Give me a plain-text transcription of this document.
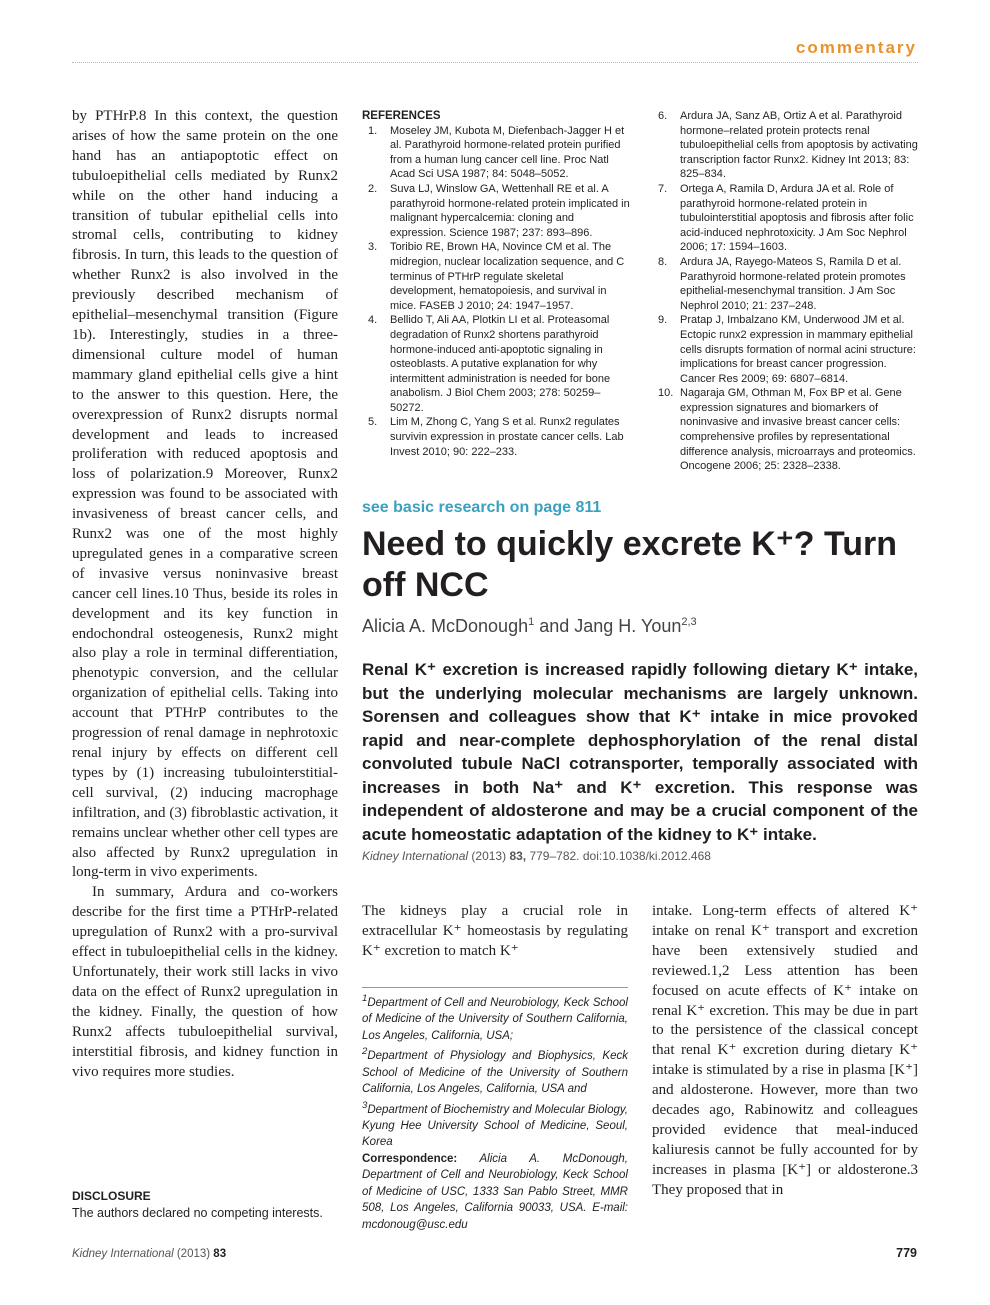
commentary

by PTHrP.8 In this context, the question arises of how the same protein on the one hand has an antiapoptotic effect on tubuloepithelial cells mediated by Runx2 while on the other hand inducing a transition of tubular epithelial cells into stromal cells, contributing to kidney fibrosis. In turn, this leads to the question of whether Runx2 is also involved in the previously described mechanism of epithelial–mesenchymal transition (Figure 1b). Interestingly, studies in a three-dimensional culture model of human mammary gland epithelial cells give a hint to the answer to this question. Here, the overexpression of Runx2 disrupts normal development and leads to increased proliferation with reduced apoptosis and loss of polarization.9 Moreover, Runx2 expression was found to be associated with invasiveness of breast cancer cells, and Runx2 was one of the most highly upregulated genes in a comparative screen of invasive versus noninvasive breast cancer cell lines.10 Thus, beside its roles in development and its key function in endochondral osteogenesis, Runx2 might also play a role in terminal differentiation, phenotypic conversion, and the cellular organization of epithelial cells. Taking into account that PTHrP contributes to the progression of renal damage in nephrotoxic renal injury by effects on different cell types by (1) increasing tubulointerstitial-cell survival, (2) inducing macrophage infiltration, and (3) fibroblastic activation, it remains unclear whether other cell types are also affected by Runx2 upregulation in long-term in vivo experiments.

In summary, Ardura and co-workers describe for the first time a PTHrP-related upregulation of Runx2 with a pro-survival effect in tubuloepithelial cells in the kidney. Unfortunately, their work still lacks in vivo data on the effect of Runx2 upregulation in the kidney. Finally, the question of how Runx2 affects tubuloepithelial survival, interstitial fibrosis, and kidney function in vivo requires more studies.

DISCLOSURE
The authors declared no competing interests.
REFERENCES
1. Moseley JM, Kubota M, Diefenbach-Jagger H et al. Parathyroid hormone-related protein purified from a human lung cancer cell line. Proc Natl Acad Sci USA 1987; 84: 5048–5052.
2. Suva LJ, Winslow GA, Wettenhall RE et al. A parathyroid hormone-related protein implicated in malignant hypercalcemia: cloning and expression. Science 1987; 237: 893–896.
3. Toribio RE, Brown HA, Novince CM et al. The midregion, nuclear localization sequence, and C terminus of PTHrP regulate skeletal development, hematopoiesis, and survival in mice. FASEB J 2010; 24: 1947–1957.
4. Bellido T, Ali AA, Plotkin LI et al. Proteasomal degradation of Runx2 shortens parathyroid hormone-induced anti-apoptotic signaling in osteoblasts. A putative explanation for why intermittent administration is needed for bone anabolism. J Biol Chem 2003; 278: 50259–50272.
5. Lim M, Zhong C, Yang S et al. Runx2 regulates survivin expression in prostate cancer cells. Lab Invest 2010; 90: 222–233.
6. Ardura JA, Sanz AB, Ortiz A et al. Parathyroid hormone–related protein protects renal tubuloepithelial cells from apoptosis by activating transcription factor Runx2. Kidney Int 2013; 83: 825–834.
7. Ortega A, Ramila D, Ardura JA et al. Role of parathyroid hormone-related protein in tubulointerstitial apoptosis and fibrosis after folic acid-induced nephrotoxicity. J Am Soc Nephrol 2006; 17: 1594–1603.
8. Ardura JA, Rayego-Mateos S, Ramila D et al. Parathyroid hormone-related protein promotes epithelial-mesenchymal transition. J Am Soc Nephrol 2010; 21: 237–248.
9. Pratap J, Imbalzano KM, Underwood JM et al. Ectopic runx2 expression in mammary epithelial cells disrupts formation of normal acini structure: implications for breast cancer progression. Cancer Res 2009; 69: 6807–6814.
10. Nagaraja GM, Othman M, Fox BP et al. Gene expression signatures and biomarkers of noninvasive and invasive breast cancer cells: comprehensive profiles by representational difference analysis, microarrays and proteomics. Oncogene 2006; 25: 2328–2338.
see basic research on page 811
Need to quickly excrete K⁺? Turn off NCC
Alicia A. McDonough$^1$ and Jang H. Youn$^{2,3}$

Renal K⁺ excretion is increased rapidly following dietary K⁺ intake, but the underlying molecular mechanisms are largely unknown. Sorensen and colleagues show that K⁺ intake in mice provoked rapid and near-complete dephosphorylation of the renal distal convoluted tubule NaCl cotransporter, temporally associated with increases in both Na⁺ and K⁺ excretion. This response was independent of aldosterone and may be a crucial component of the acute homeostatic adaptation of the kidney to K⁺ intake.

Kidney International (2013) 83, 779–782. doi:10.1038/ki.2012.468

The kidneys play a crucial role in extracellular K⁺ homeostasis by regulating K⁺ excretion to match K⁺

$^1$Department of Cell and Neurobiology, Keck School of Medicine of the University of Southern California, Los Angeles, California, USA;

$^2$Department of Physiology and Biophysics, Keck School of Medicine of the University of Southern California, Los Angeles, California, USA and

$^3$Department of Biochemistry and Molecular Biology, Kyung Hee University School of Medicine, Seoul, Korea

Correspondence: Alicia A. McDonough, Department of Cell and Neurobiology, Keck School of Medicine of USC, 1333 San Pablo Street, MMR 508, Los Angeles, California 90033, USA. E-mail: mcdonoug@usc.edu

intake. Long-term effects of altered K⁺ intake on renal K⁺ transport and excretion have been extensively studied and reviewed.1,2 Less attention has been focused on acute effects of K⁺ intake on renal K⁺ excretion. This may be due in part to the persistence of the classical concept that renal K⁺ excretion during dietary K⁺ intake is stimulated by a rise in plasma [K⁺] and aldosterone. However, more than two decades ago, Rabinowitz and colleagues provided evidence that meal-induced kaliuresis cannot be fully accounted for by increases in plasma [K⁺] or aldosterone.3 They proposed that in

Kidney International (2013) 83	779
